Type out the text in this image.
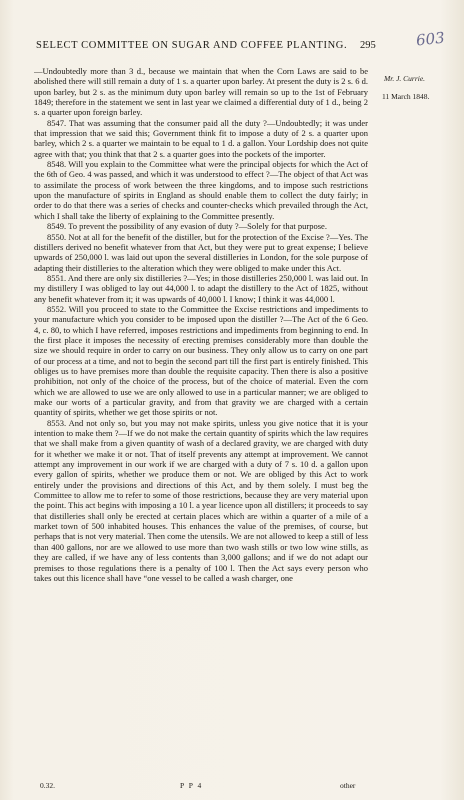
SELECT COMMITTEE ON SUGAR AND COFFEE PLANTING.	295	603
Mr. J. Currie.
11 March 1848.

—Undoubtedly more than 3 d., because we maintain that when the Corn Laws are said to be abolished there will still remain a duty of 1 s. a quarter upon barley. At present the duty is 2 s. 6 d. upon barley, but 2 s. as the minimum duty upon barley will remain so up to the 1st of February 1849; therefore in the statement we sent in last year we claimed a differential duty of 1 d., being 2 s. a quarter upon foreign barley.

8547. That was assuming that the consumer paid all the duty ?—Undoubtedly; it was under that impression that we said this; Government think fit to impose a duty of 2 s. a quarter upon barley, which 2 s. a quarter we maintain to be equal to 1 d. a gallon. Your Lordship does not quite agree with that; you think that that 2 s. a quarter goes into the pockets of the importer.

8548. Will you explain to the Committee what were the principal objects for which the Act of the 6th of Geo. 4 was passed, and which it was understood to effect ?—The object of that Act was to assimilate the process of work between the three kingdoms, and to impose such restrictions upon the manufacture of spirits in England as should enable them to collect the duty fairly; in order to do that there was a series of checks and counter-checks which prevailed through the Act, which I shall take the liberty of explaining to the Committee presently.

8549. To prevent the possibility of any evasion of duty ?—Solely for that purpose.

8550. Not at all for the benefit of the distiller, but for the protection of the Excise ?—Yes. The distillers derived no benefit whatever from that Act, but they were put to great expense; I believe upwards of 250,000 l. was laid out upon the several distilleries in London, for the sole purpose of adapting their distilleries to the alteration which they were obliged to make under this Act.

8551. And there are only six distilleries ?—Yes; in those distilleries 250,000 l. was laid out. In my distillery I was obliged to lay out 44,000 l. to adapt the distillery to the Act of 1825, without any benefit whatever from it; it was upwards of 40,000 l. I know; I think it was 44,000 l.

8552. Will you proceed to state to the Committee the Excise restrictions and impediments to your manufacture which you consider to be imposed upon the distiller ?—The Act of the 6 Geo. 4, c. 80, to which I have referred, imposes restrictions and impediments from beginning to end. In the first place it imposes the necessity of erecting premises considerably more than double the size we should require in order to carry on our business. They only allow us to carry on one part of our process at a time, and not to begin the second part till the first part is entirely finished. This obliges us to have premises more than double the requisite capacity. Then there is also a positive prohibition, not only of the choice of the process, but of the choice of material. Even the corn which we are allowed to use we are only allowed to use in a particular manner; we are obliged to make our worts of a particular gravity, and from that gravity we are charged with a certain quantity of spirits, whether we get those spirits or not.

8553. And not only so, but you may not make spirits, unless you give notice that it is your intention to make them ?—If we do not make the certain quantity of spirits which the law requires that we shall make from a given quantity of wash of a declared gravity, we are charged with duty for it whether we make it or not. That of itself prevents any attempt at improvement. We cannot attempt any improvement in our work if we are charged with a duty of 7 s. 10 d. a gallon upon every gallon of spirits, whether we produce them or not. We are obliged by this Act to work entirely under the provisions and directions of this Act, and by them solely. I must beg the Committee to allow me to refer to some of those restrictions, because they are very material upon the point. This act begins with imposing a 10 l. a year licence upon all distillers; it proceeds to say that distilleries shall only be erected at certain places which are within a quarter of a mile of a market town of 500 inhabited houses. This enhances the value of the premises, of course, but perhaps that is not very material. Then come the utensils. We are not allowed to keep a still of less than 400 gallons, nor are we allowed to use more than two wash stills or two low wine stills, as they are called, if we have any of less contents than 3,000 gallons; and if we do not adapt our premises to those regulations there is a penalty of 100 l. Then the Act says every person who takes out this licence shall have “one vessel to be called a wash charger, one

0.32.	P P 4	other
